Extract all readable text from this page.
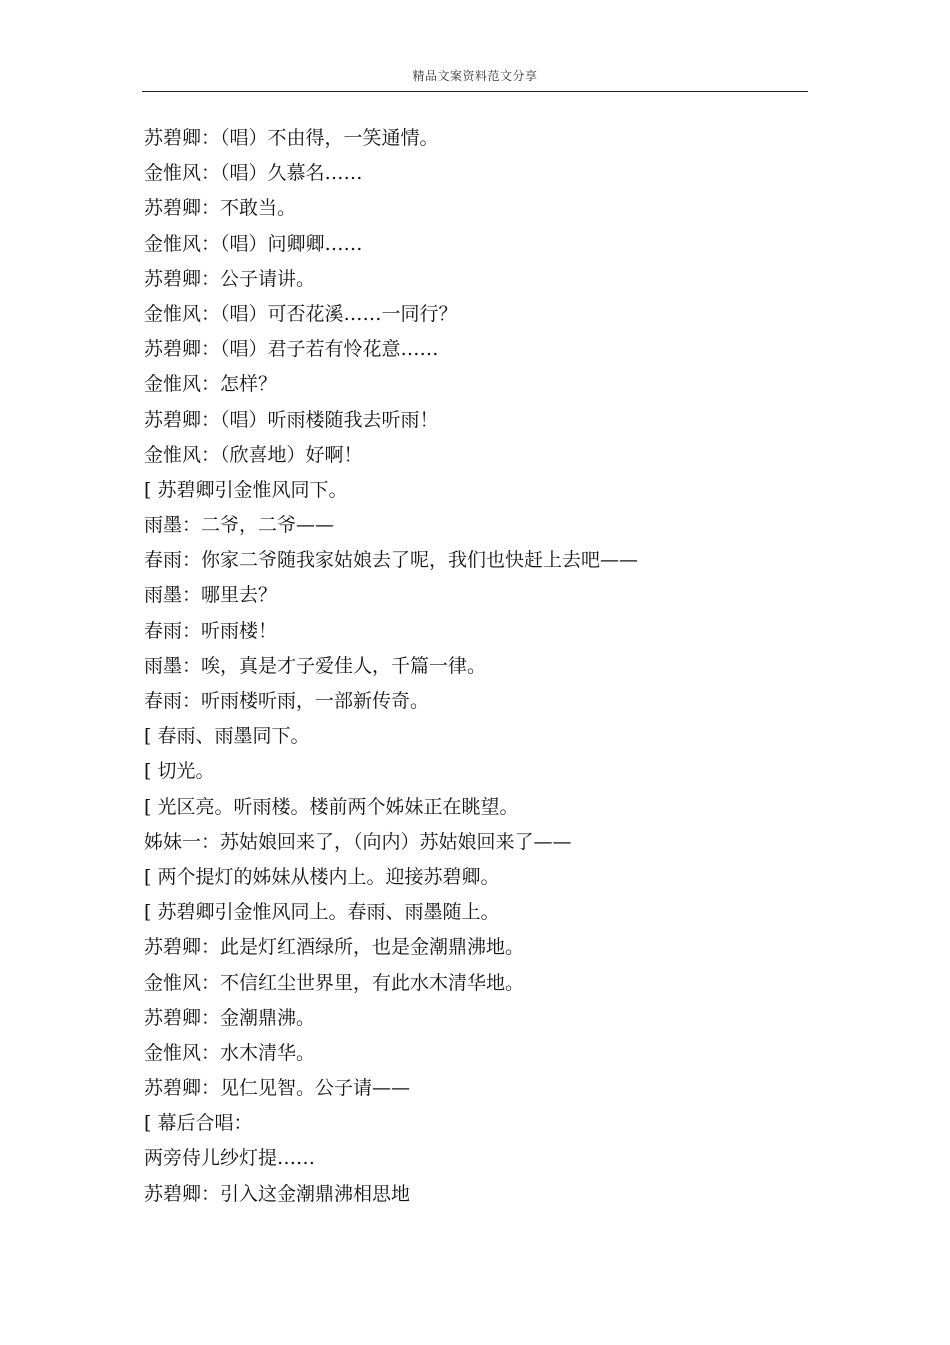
精品文案资料范文分享
苏碧卿：（唱）不由得，一笑通情。
金惟风：（唱）久慕名……
苏碧卿：不敢当。
金惟风：（唱）问卿卿……
苏碧卿：公子请讲。
金惟风：（唱）可否花溪……一同行？
苏碧卿：（唱）君子若有怜花意……
金惟风：怎样？
苏碧卿：（唱）听雨楼随我去听雨！
金惟风：（欣喜地）好啊！
[ 苏碧卿引金惟风同下。
雨墨：二爷，二爷——
春雨：你家二爷随我家姑娘去了呢，我们也快赶上去吧——
雨墨：哪里去？
春雨：听雨楼！
雨墨：唉，真是才子爱佳人，千篇一律。
春雨：听雨楼听雨，一部新传奇。
[ 春雨、雨墨同下。
[ 切光。
[ 光区亮。听雨楼。楼前两个姊妹正在眺望。
姊妹一：苏姑娘回来了，（向内）苏姑娘回来了——
[ 两个提灯的姊妹从楼内上。迎接苏碧卿。
[ 苏碧卿引金惟风同上。春雨、雨墨随上。
苏碧卿：此是灯红酒绿所，也是金潮鼎沸地。
金惟风：不信红尘世界里，有此水木清华地。
苏碧卿：金潮鼎沸。
金惟风：水木清华。
苏碧卿：见仁见智。公子请——
[ 幕后合唱：
两旁侍儿纱灯提……
苏碧卿：引入这金潮鼎沸相思地
